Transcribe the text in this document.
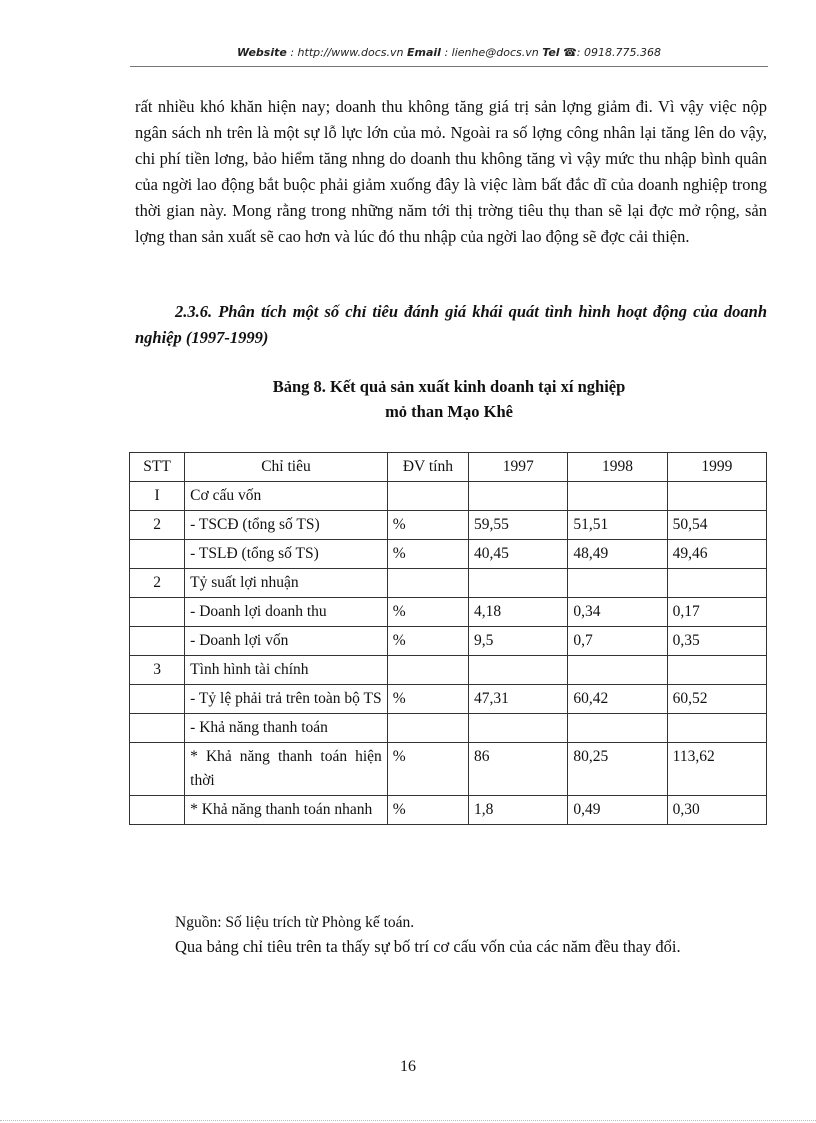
Website : http://www.docs.vn Email : lienhe@docs.vn Tel ☎: 0918.775.368

rất nhiều khó khăn hiện nay; doanh thu không tăng giá trị sản lợng giảm đi. Vì vậy việc nộp ngân sách nh trên là một sự lỗ lực lớn của mỏ. Ngoài ra số lợng công nhân lại tăng lên do vậy, chi phí tiền lơng, bảo hiểm tăng nhng do doanh thu không tăng vì vậy mức thu nhập bình quân của ngời lao động bắt buộc phải giảm xuống đây là việc làm bất đắc dĩ của doanh nghiệp trong thời gian này. Mong rằng trong những năm tới thị trờng tiêu thụ than sẽ lại đợc mở rộng, sản lợng than sản xuất sẽ cao hơn và lúc đó thu nhập của ngời lao động sẽ đợc cải thiện.

2.3.6. Phân tích một số chỉ tiêu đánh giá khái quát tình hình hoạt động của doanh nghiệp (1997-1999)
Bảng 8. Kết quả sản xuất kinh doanh tại xí nghiệp
mỏ than Mạo Khê
STT	Chỉ tiêu	ĐV tính	1997	1998	1999
I	Cơ cấu vốn				
2	- TSCĐ (tổng số TS)	%	59,55	51,51	50,54
	- TSLĐ (tổng số TS)	%	40,45	48,49	49,46
2	Tỷ suất lợi nhuận				
	- Doanh lợi doanh thu	%	4,18	0,34	0,17
	- Doanh lợi vốn	%	9,5	0,7	0,35
3	Tình hình tài chính				
	- Tỷ lệ phải trả trên toàn bộ TS	%	47,31	60,42	60,52
	- Khả năng thanh toán				
	* Khả năng thanh toán hiện thời	%	86	80,25	113,62
	* Khả năng thanh toán nhanh	%	1,8	0,49	0,30
Nguồn: Số liệu trích từ Phòng kế toán.

Qua bảng chỉ tiêu trên ta thấy sự bố trí cơ cấu vốn của các năm đều thay đổi.

16
